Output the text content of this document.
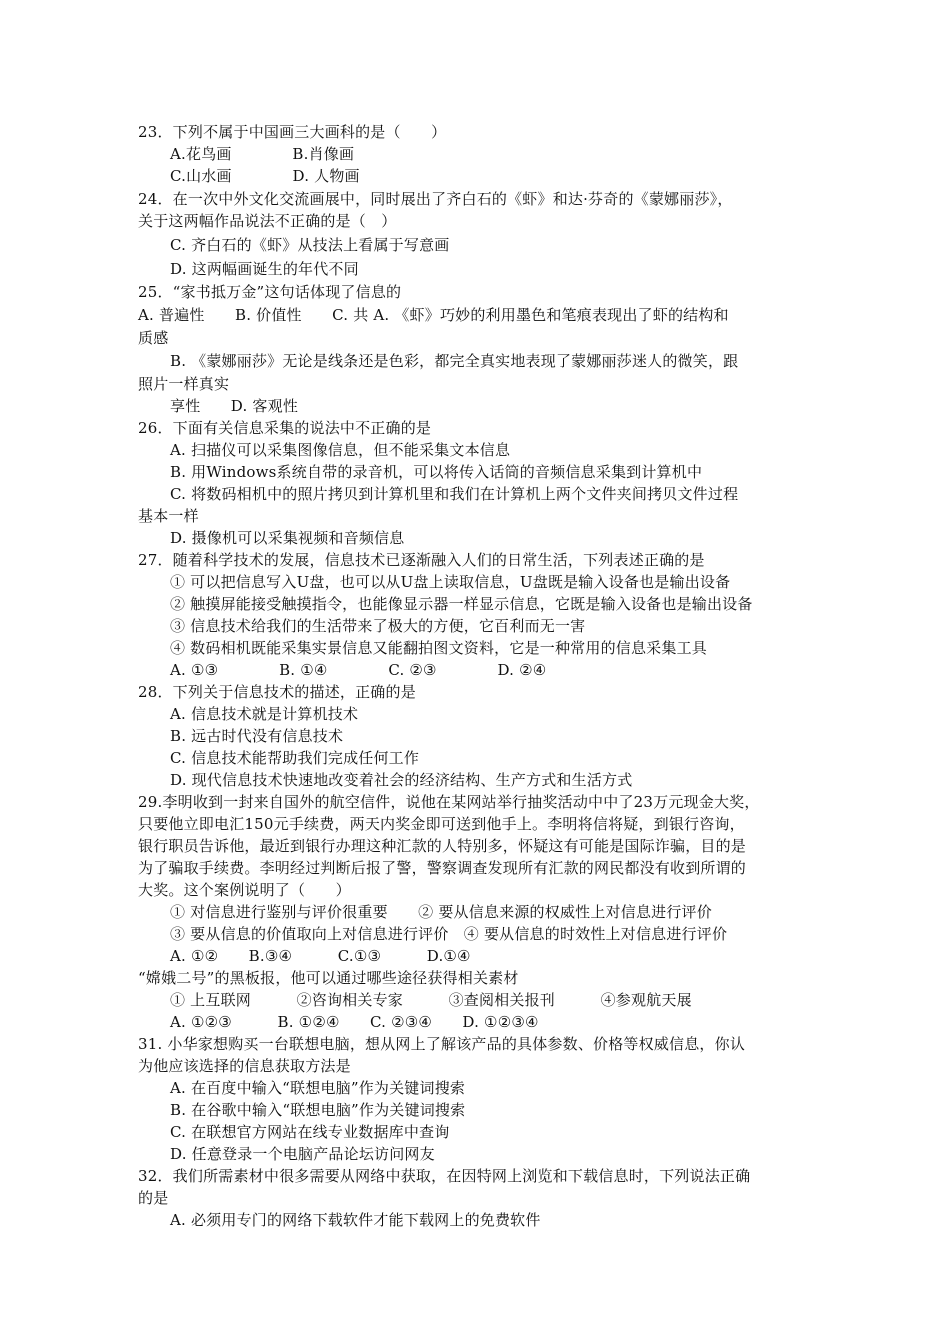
23．下列不属于中国画三大画科的是（　　）
A.花鸟画　　　　B.肖像画
C.山水画　　　　D. 人物画
24．在一次中外文化交流画展中，同时展出了齐白石的《虾》和达·芬奇的《蒙娜丽莎》，
关于这两幅作品说法不正确的是（　）
C. 齐白石的《虾》从技法上看属于写意画
D. 这两幅画诞生的年代不同
25．“家书抵万金”这句话体现了信息的
A. 普遍性　　B. 价值性　　C. 共 A. 《虾》巧妙的利用墨色和笔痕表现出了虾的结构和
质感
B. 《蒙娜丽莎》无论是线条还是色彩，都完全真实地表现了蒙娜丽莎迷人的微笑，跟
照片一样真实
享性　　D. 客观性
26．下面有关信息采集的说法中不正确的是
A. 扫描仪可以采集图像信息，但不能采集文本信息
B. 用Windows系统自带的录音机，可以将传入话筒的音频信息采集到计算机中
C. 将数码相机中的照片拷贝到计算机里和我们在计算机上两个文件夹间拷贝文件过程
基本一样
D. 摄像机可以采集视频和音频信息
27．随着科学技术的发展，信息技术已逐渐融入人们的日常生活，下列表述正确的是
① 可以把信息写入U盘，也可以从U盘上读取信息，U盘既是输入设备也是输出设备
② 触摸屏能接受触摸指令，也能像显示器一样显示信息，它既是输入设备也是输出设备
③ 信息技术给我们的生活带来了极大的方便，它百利而无一害
④ 数码相机既能采集实景信息又能翻拍图文资料，它是一种常用的信息采集工具
A. ①③　　　　B. ①④　　　　C. ②③　　　　D. ②④
28．下列关于信息技术的描述，正确的是
A. 信息技术就是计算机技术
B. 远古时代没有信息技术
C. 信息技术能帮助我们完成任何工作
D. 现代信息技术快速地改变着社会的经济结构、生产方式和生活方式
29.李明收到一封来自国外的航空信件，说他在某网站举行抽奖活动中中了23万元现金大奖，
只要他立即电汇150元手续费，两天内奖金即可送到他手上。李明将信将疑，到银行咨询，
银行职员告诉他，最近到银行办理这种汇款的人特别多，怀疑这有可能是国际诈骗，目的是
为了骗取手续费。李明经过判断后报了警，警察调查发现所有汇款的网民都没有收到所谓的
大奖。这个案例说明了（　　）
① 对信息进行鉴别与评价很重要　　② 要从信息来源的权威性上对信息进行评价
③ 要从信息的价值取向上对信息进行评价　④ 要从信息的时效性上对信息进行评价
A. ①②　　B.③④　　　C.①③　　　D.①④
“嫦娥二号”的黑板报，他可以通过哪些途径获得相关素材
① 上互联网　　　②咨询相关专家　　　③查阅相关报刊　　　④参观航天展
A. ①②③　　　B. ①②④　　C. ②③④　　D. ①②③④
31. 小华家想购买一台联想电脑，想从网上了解该产品的具体参数、价格等权威信息，你认
为他应该选择的信息获取方法是
A. 在百度中输入“联想电脑”作为关键词搜索
B. 在谷歌中输入“联想电脑”作为关键词搜索
C. 在联想官方网站在线专业数据库中查询
D. 任意登录一个电脑产品论坛访问网友
32．我们所需素材中很多需要从网络中获取，在因特网上浏览和下载信息时，下列说法正确
的是
A. 必须用专门的网络下载软件才能下载网上的免费软件
